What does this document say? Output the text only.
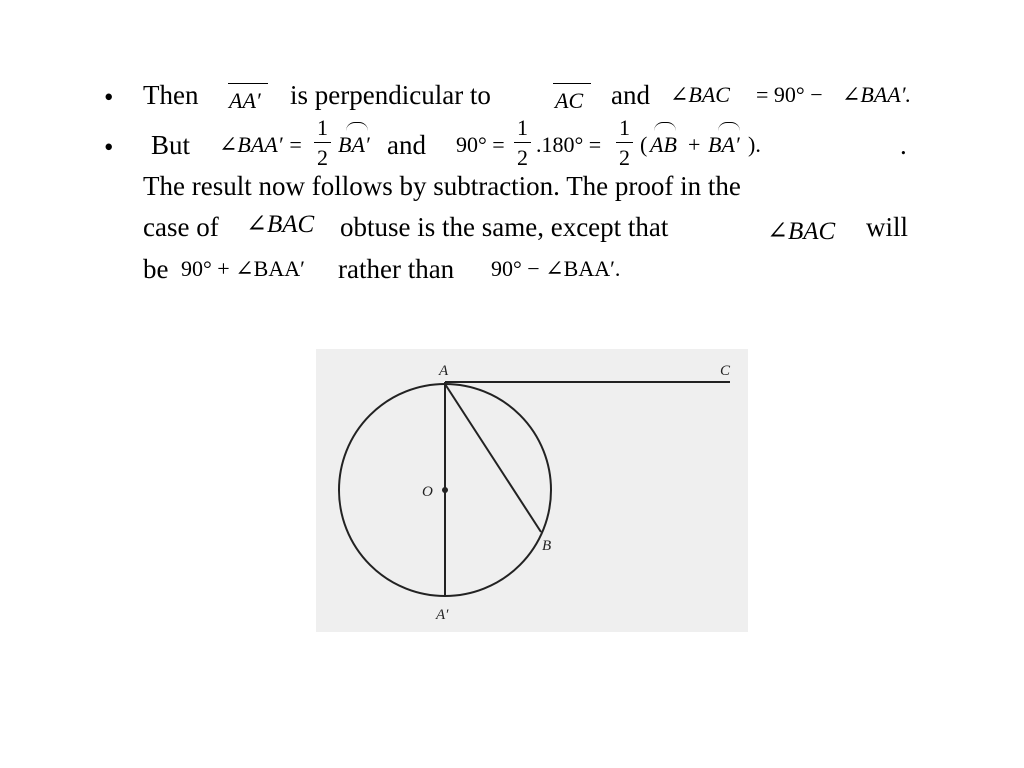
• Then AA′ is perpendicular to	AC and ∠BAC = 90° − ∠BAA′.
• But ∠BAA′ = $\frac{1}{2} BA'$ and $90^\circ = \frac{1}{2} .180^\circ = \frac{1}{2}$ ( AB + BA′ ).	.
The result now follows by subtraction. The proof in the
case of ∠BAC obtuse is the same, except that	∠BAC will
be 90° + ∠BAA′ rather than 90° − ∠BAA′.
A	C
O
B
A′
